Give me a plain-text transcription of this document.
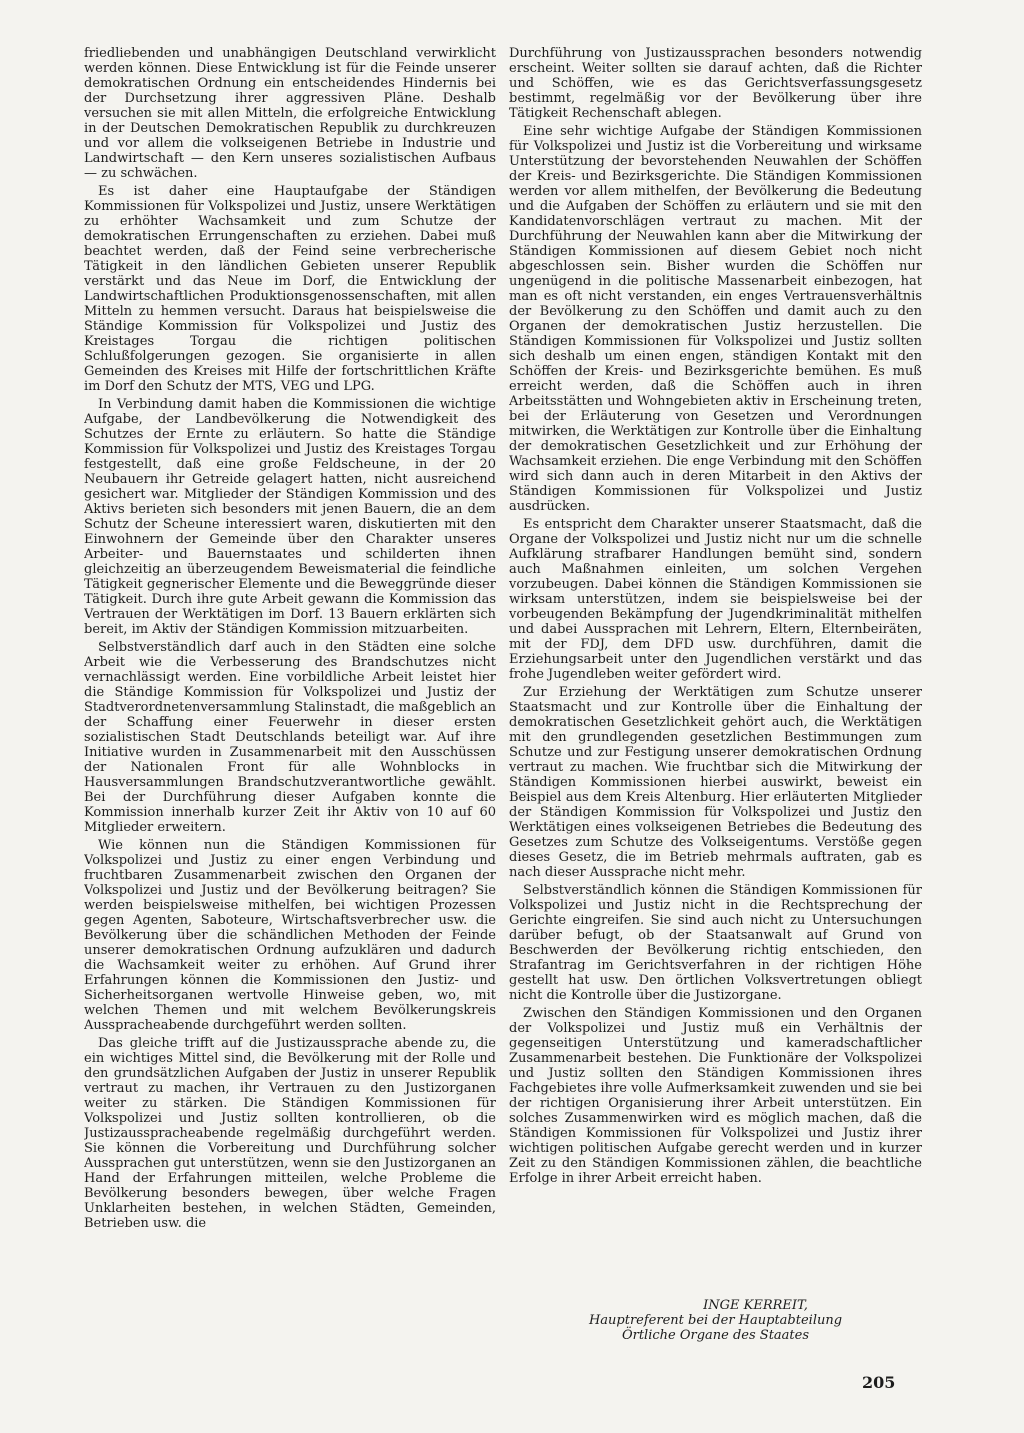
friedliebenden und unabhängigen Deutschland verwirklicht werden können. Diese Entwicklung ist für die Feinde unserer demokratischen Ordnung ein entscheidendes Hindernis bei der Durchsetzung ihrer aggressiven Pläne. Deshalb versuchen sie mit allen Mitteln, die erfolgreiche Entwicklung in der Deutschen Demokratischen Republik zu durchkreuzen und vor allem die volkseigenen Betriebe in Industrie und Landwirtschaft — den Kern unseres sozialistischen Aufbaus — zu schwächen.

Es ist daher eine Hauptaufgabe der Ständigen Kommissionen für Volkspolizei und Justiz, unsere Werktätigen zu erhöhter Wachsamkeit und zum Schutze der demokratischen Errungenschaften zu erziehen. Dabei muß beachtet werden, daß der Feind seine verbrecherische Tätigkeit in den ländlichen Gebieten unserer Republik verstärkt und das Neue im Dorf, die Entwicklung der Landwirtschaftlichen Produktionsgenossenschaften, mit allen Mitteln zu hemmen versucht. Daraus hat beispielsweise die Ständige Kommission für Volkspolizei und Justiz des Kreistages Torgau die richtigen politischen Schlußfolgerungen gezogen. Sie organisierte in allen Gemeinden des Kreises mit Hilfe der fortschrittlichen Kräfte im Dorf den Schutz der MTS, VEG und LPG.

In Verbindung damit haben die Kommissionen die wichtige Aufgabe, der Landbevölkerung die Notwendigkeit des Schutzes der Ernte zu erläutern. So hatte die Ständige Kommission für Volkspolizei und Justiz des Kreistages Torgau festgestellt, daß eine große Feldscheune, in der 20 Neubauern ihr Getreide gelagert hatten, nicht ausreichend gesichert war. Mitglieder der Ständigen Kommission und des Aktivs berieten sich besonders mit jenen Bauern, die an dem Schutz der Scheune interessiert waren, diskutierten mit den Einwohnern der Gemeinde über den Charakter unseres Arbeiter- und Bauernstaates und schilderten ihnen gleichzeitig an überzeugendem Beweismaterial die feindliche Tätigkeit gegnerischer Elemente und die Beweggründe dieser Tätigkeit. Durch ihre gute Arbeit gewann die Kommission das Vertrauen der Werktätigen im Dorf. 13 Bauern erklärten sich bereit, im Aktiv der Ständigen Kommission mitzuarbeiten.

Selbstverständlich darf auch in den Städten eine solche Arbeit wie die Verbesserung des Brandschutzes nicht vernachlässigt werden. Eine vorbildliche Arbeit leistet hier die Ständige Kommission für Volkspolizei und Justiz der Stadtverordnetenversammlung Stalinstadt, die maßgeblich an der Schaffung einer Feuerwehr in dieser ersten sozialistischen Stadt Deutschlands beteiligt war. Auf ihre Initiative wurden in Zusammenarbeit mit den Ausschüssen der Nationalen Front für alle Wohnblocks in Hausversammlungen Brandschutzverantwortliche gewählt. Bei der Durchführung dieser Aufgaben konnte die Kommission innerhalb kurzer Zeit ihr Aktiv von 10 auf 60 Mitglieder erweitern.

Wie können nun die Ständigen Kommissionen für Volkspolizei und Justiz zu einer engen Verbindung und fruchtbaren Zusammenarbeit zwischen den Organen der Volkspolizei und Justiz und der Bevölkerung beitragen? Sie werden beispielsweise mithelfen, bei wichtigen Prozessen gegen Agenten, Saboteure, Wirtschaftsverbrecher usw. die Bevölkerung über die schändlichen Methoden der Feinde unserer demokratischen Ordnung aufzuklären und dadurch die Wachsamkeit weiter zu erhöhen. Auf Grund ihrer Erfahrungen können die Kommissionen den Justiz- und Sicherheitsorganen wertvolle Hinweise geben, wo, mit welchen Themen und mit welchem Bevölkerungskreis Ausspracheabende durchgeführt werden sollten.

Das gleiche trifft auf die Justizaussprache abende zu, die ein wichtiges Mittel sind, die Bevölkerung mit der Rolle und den grundsätzlichen Aufgaben der Justiz in unserer Republik vertraut zu machen, ihr Vertrauen zu den Justizorganen weiter zu stärken. Die Ständigen Kommissionen für Volkspolizei und Justiz sollten kontrollieren, ob die Justizausspracheabende regelmäßig durchgeführt werden. Sie können die Vorbereitung und Durchführung solcher Aussprachen gut unterstützen, wenn sie den Justizorganen an Hand der Erfahrungen mitteilen, welche Probleme die Bevölkerung besonders bewegen, über welche Fragen Unklarheiten bestehen, in welchen Städten, Gemeinden, Betrieben usw. die

Durchführung von Justizaussprachen besonders notwendig erscheint. Weiter sollten sie darauf achten, daß die Richter und Schöffen, wie es das Gerichtsverfassungsgesetz bestimmt, regelmäßig vor der Bevölkerung über ihre Tätigkeit Rechenschaft ablegen.

Eine sehr wichtige Aufgabe der Ständigen Kommissionen für Volkspolizei und Justiz ist die Vorbereitung und wirksame Unterstützung der bevorstehenden Neuwahlen der Schöffen der Kreis- und Bezirksgerichte. Die Ständigen Kommissionen werden vor allem mithelfen, der Bevölkerung die Bedeutung und die Aufgaben der Schöffen zu erläutern und sie mit den Kandidatenvorschlägen vertraut zu machen. Mit der Durchführung der Neuwahlen kann aber die Mitwirkung der Ständigen Kommissionen auf diesem Gebiet noch nicht abgeschlossen sein. Bisher wurden die Schöffen nur ungenügend in die politische Massenarbeit einbezogen, hat man es oft nicht verstanden, ein enges Vertrauensverhältnis der Bevölkerung zu den Schöffen und damit auch zu den Organen der demokratischen Justiz herzustellen. Die Ständigen Kommissionen für Volkspolizei und Justiz sollten sich deshalb um einen engen, ständigen Kontakt mit den Schöffen der Kreis- und Bezirksgerichte bemühen. Es muß erreicht werden, daß die Schöffen auch in ihren Arbeitsstätten und Wohngebieten aktiv in Erscheinung treten, bei der Erläuterung von Gesetzen und Verordnungen mitwirken, die Werktätigen zur Kontrolle über die Einhaltung der demokratischen Gesetzlichkeit und zur Erhöhung der Wachsamkeit erziehen. Die enge Verbindung mit den Schöffen wird sich dann auch in deren Mitarbeit in den Aktivs der Ständigen Kommissionen für Volkspolizei und Justiz ausdrücken.

Es entspricht dem Charakter unserer Staatsmacht, daß die Organe der Volkspolizei und Justiz nicht nur um die schnelle Aufklärung strafbarer Handlungen bemüht sind, sondern auch Maßnahmen einleiten, um solchen Vergehen vorzubeugen. Dabei können die Ständigen Kommissionen sie wirksam unterstützen, indem sie beispielsweise bei der vorbeugenden Bekämpfung der Jugendkriminalität mithelfen und dabei Aussprachen mit Lehrern, Eltern, Elternbeiräten, mit der FDJ, dem DFD usw. durchführen, damit die Erziehungsarbeit unter den Jugendlichen verstärkt und das frohe Jugendleben weiter gefördert wird.

Zur Erziehung der Werktätigen zum Schutze unserer Staatsmacht und zur Kontrolle über die Einhaltung der demokratischen Gesetzlichkeit gehört auch, die Werktätigen mit den grundlegenden gesetzlichen Bestimmungen zum Schutze und zur Festigung unserer demokratischen Ordnung vertraut zu machen. Wie fruchtbar sich die Mitwirkung der Ständigen Kommissionen hierbei auswirkt, beweist ein Beispiel aus dem Kreis Altenburg. Hier erläuterten Mitglieder der Ständigen Kommission für Volkspolizei und Justiz den Werktätigen eines volkseigenen Betriebes die Bedeutung des Gesetzes zum Schutze des Volkseigentums. Verstöße gegen dieses Gesetz, die im Betrieb mehrmals auftraten, gab es nach dieser Aussprache nicht mehr.

Selbstverständlich können die Ständigen Kommissionen für Volkspolizei und Justiz nicht in die Rechtsprechung der Gerichte eingreifen. Sie sind auch nicht zu Untersuchungen darüber befugt, ob der Staatsanwalt auf Grund von Beschwerden der Bevölkerung richtig entschieden, den Strafantrag im Gerichtsverfahren in der richtigen Höhe gestellt hat usw. Den örtlichen Volksvertretungen obliegt nicht die Kontrolle über die Justizorgane.

Zwischen den Ständigen Kommissionen und den Organen der Volkspolizei und Justiz muß ein Verhältnis der gegenseitigen Unterstützung und kameradschaftlicher Zusammenarbeit bestehen. Die Funktionäre der Volkspolizei und Justiz sollten den Ständigen Kommissionen ihres Fachgebietes ihre volle Aufmerksamkeit zuwenden und sie bei der richtigen Organisierung ihrer Arbeit unterstützen. Ein solches Zusammenwirken wird es möglich machen, daß die Ständigen Kommissionen für Volkspolizei und Justiz ihrer wichtigen politischen Aufgabe gerecht werden und in kurzer Zeit zu den Ständigen Kommissionen zählen, die beachtliche Erfolge in ihrer Arbeit erreicht haben.

INGE KERREIT,
Hauptreferent bei der Hauptabteilung
Örtliche Organe des Staates
205
